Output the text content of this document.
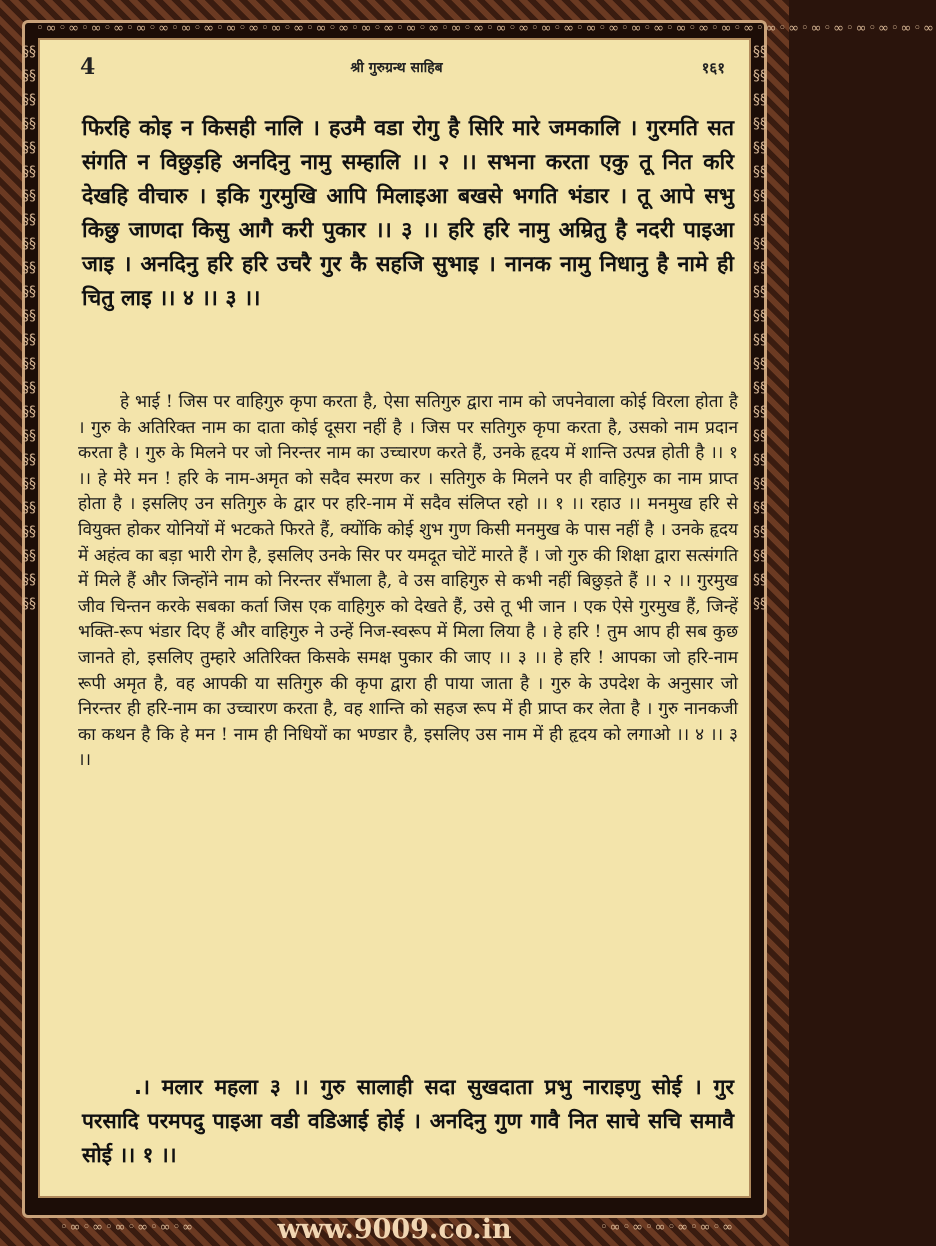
◦∞◦∞◦∞◦∞◦∞◦∞◦∞◦∞◦∞◦∞◦∞◦∞◦∞◦∞◦∞◦∞◦∞◦∞◦∞◦∞◦∞◦∞◦∞◦∞◦∞◦∞◦∞◦∞◦∞◦∞◦∞◦∞◦∞◦∞◦∞◦∞◦∞◦∞◦∞◦∞
§§§§§§§§§§§§§§§§§§§§§§§§§§§§§§§§§§§§§§§§§§§§§§§§
§§§§§§§§§§§§§§§§§§§§§§§§§§§§§§§§§§§§§§§§§§§§§§§§
4	श्री गुरुग्रन्थ साहिब	१६१
फिरहि कोइ न किसही नालि । हउमै वडा रोगु है सिरि मारे जमकालि । गुरमति सत संगति न विछुड़हि अनदिनु नामु सम्हालि ।। २ ।। सभना करता एकु तू नित करि देखहि वीचारु । इकि गुरमुखि आपि मिलाइआ बखसे भगति भंडार । तू आपे सभु किछु जाणदा किसु आगै करी पुकार ।। ३ ।। हरि हरि नामु अम्रितु है नदरी पाइआ जाइ । अनदिनु हरि हरि उचरै गुर कै सहजि सुभाइ । नानक नामु निधानु है नामे ही चितु लाइ ।। ४ ।। ३ ।।
हे भाई ! जिस पर वाहिगुरु कृपा करता है, ऐसा सतिगुरु द्वारा नाम को जपनेवाला कोई विरला होता है । गुरु के अतिरिक्त नाम का दाता कोई दूसरा नहीं है । जिस पर सतिगुरु कृपा करता है, उसको नाम प्रदान करता है । गुरु के मिलने पर जो निरन्तर नाम का उच्चारण करते हैं, उनके हृदय में शान्ति उत्पन्न होती है ।। १ ।। हे मेरे मन ! हरि के नाम-अमृत को सदैव स्मरण कर । सतिगुरु के मिलने पर ही वाहिगुरु का नाम प्राप्त होता है । इसलिए उन सतिगुरु के द्वार पर हरि-नाम में सदैव संलिप्त रहो ।। १ ।। रहाउ ।। मनमुख हरि से वियुक्त होकर योनियों में भटकते फिरते हैं, क्योंकि कोई शुभ गुण किसी मनमुख के पास नहीं है । उनके हृदय में अहंत्व का बड़ा भारी रोग है, इसलिए उनके सिर पर यमदूत चोटें मारते हैं । जो गुरु की शिक्षा द्वारा सत्संगति में मिले हैं और जिन्होंने नाम को निरन्तर सँभाला है, वे उस वाहिगुरु से कभी नहीं बिछुड़ते हैं ।। २ ।। गुरमुख जीव चिन्तन करके सबका कर्ता जिस एक वाहिगुरु को देखते हैं, उसे तू भी जान । एक ऐसे गुरमुख हैं, जिन्हें भक्ति-रूप भंडार दिए हैं और वाहिगुरु ने उन्हें निज-स्वरूप में मिला लिया है । हे हरि ! तुम आप ही सब कुछ जानते हो, इसलिए तुम्हारे अतिरिक्त किसके समक्ष पुकार की जाए ।। ३ ।। हे हरि ! आपका जो हरि-नाम रूपी अमृत है, वह आपकी या सतिगुरु की कृपा द्वारा ही पाया जाता है । गुरु के उपदेश के अनुसार जो निरन्तर ही हरि-नाम का उच्चारण करता है, वह शान्ति को सहज रूप में ही प्राप्त कर लेता है । गुरु नानकजी का कथन है कि हे मन ! नाम ही निधियों का भण्डार है, इसलिए उस नाम में ही हृदय को लगाओ ।। ४ ।। ३ ।।
.। मलार महला ३ ।। गुरु सालाही सदा सुखदाता प्रभु नाराइणु सोई । गुर परसादि परमपदु पाइआ वडी वडिआई होई । अनदिनु गुण गावै नित साचे सचि समावै सोई ।। १ ।।
◦∞◦∞◦∞◦∞◦∞◦∞	www.9009.co.in	◦∞◦∞◦∞◦∞◦∞◦∞
